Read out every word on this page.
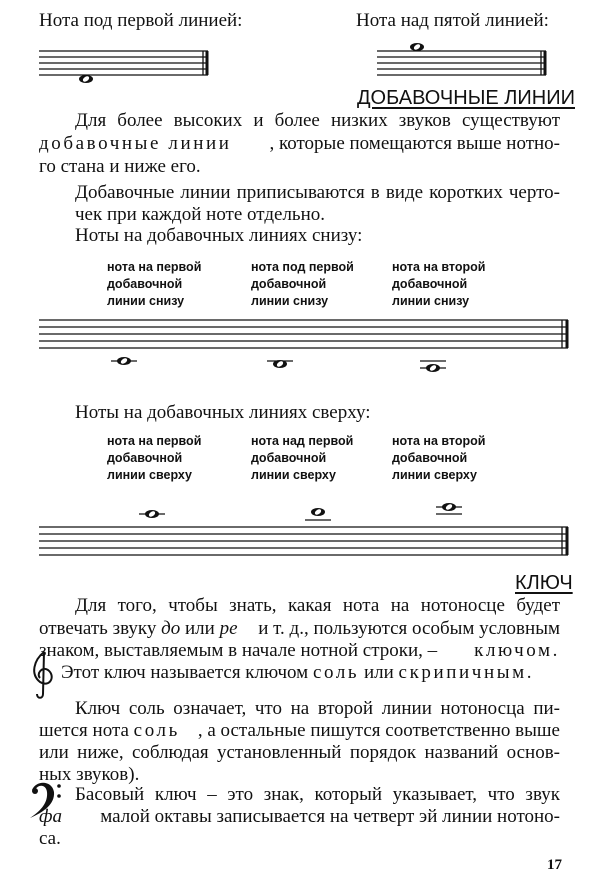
Нота под первой линией:	Нота над пятой линией:
ДОБАВОЧНЫЕ ЛИНИИ
Для более высоких и более низких звуков существуют
добавочные линии , которые помещаются выше нотно-
го стана и ниже его.
Добавочные линии приписываются в виде коротких черто-
чек при каждой ноте отдельно.
Ноты на добавочных линиях снизу:
нота на первой
добавочной
линии снизу
нота под первой
добавочной
линии снизу
нота на второй
добавочной
линии снизу
Ноты на добавочных линиях сверху:
нота на первой
добавочной
линии сверху
нота над первой
добавочной
линии сверху
нота на второй
добавочной
линии сверху
КЛЮЧ
Для того, чтобы знать, какая нота на нотоносце будет
отвечать звуку до или ре и т. д., пользуются особым условным
знаком, выставляемым в начале нотной строки, – ключом.
Этот ключ называется ключом соль или скрипичным.
Ключ соль означает, что на второй линии нотоносца пи-
шется нота соль , а остальные пишутся соответственно выше
или ниже, соблюдая установленный порядок названий основ-
ных звуков).
Басовый ключ – это знак, который указывает, что звук
фа малой октавы записывается на четверт эй линии нотоно-
са.
17
